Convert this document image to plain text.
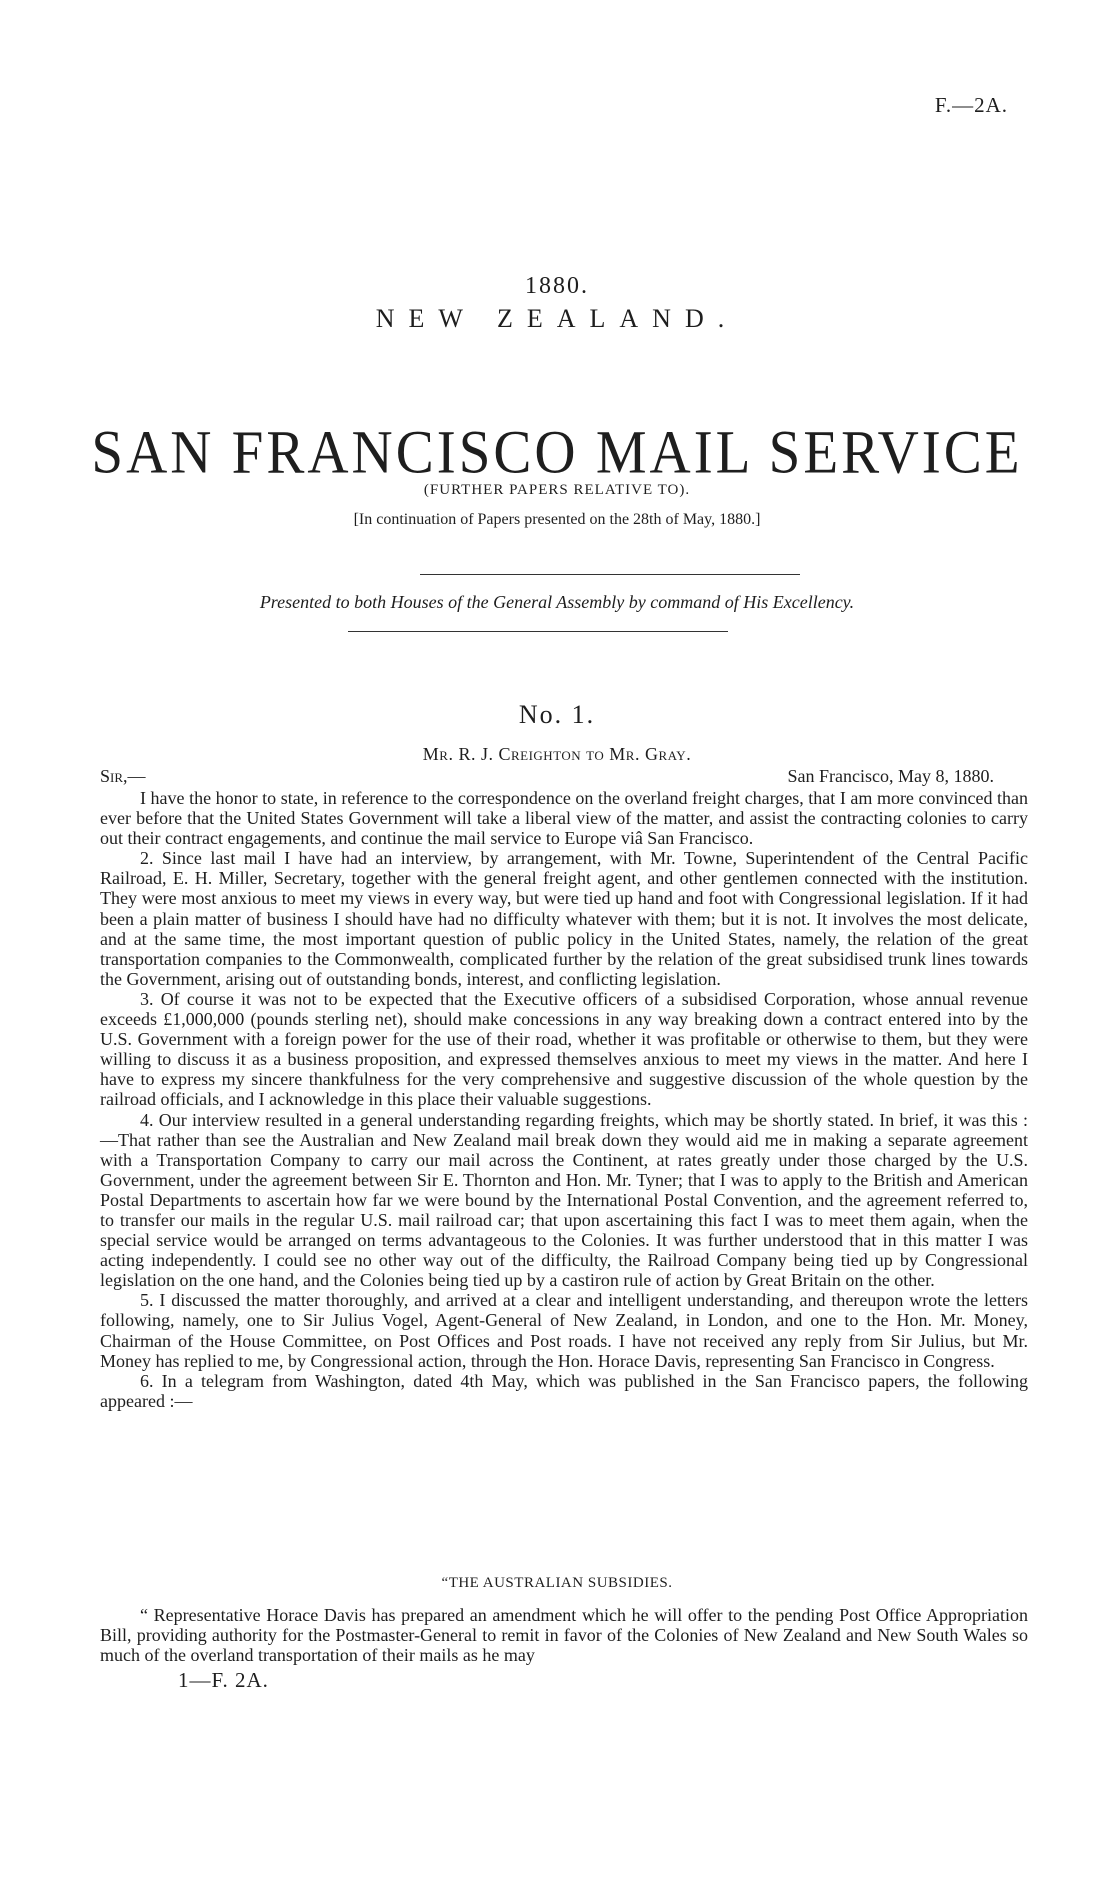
F.—2A.
1880.
NEW ZEALAND.
SAN FRANCISCO MAIL SERVICE
(FURTHER PAPERS RELATIVE TO).
[In continuation of Papers presented on the 28th of May, 1880.]
Presented to both Houses of the General Assembly by command of His Excellency.
No. 1.
Mr. R. J. Creighton to Mr. Gray.
Sir,—	San Francisco, May 8, 1880.

I have the honor to state, in reference to the correspondence on the overland freight charges, that I am more convinced than ever before that the United States Government will take a liberal view of the matter, and assist the contracting colonies to carry out their contract engagements, and continue the mail service to Europe viâ San Francisco.

2. Since last mail I have had an interview, by arrangement, with Mr. Towne, Superintendent of the Central Pacific Railroad, E. H. Miller, Secretary, together with the general freight agent, and other gentlemen connected with the institution. They were most anxious to meet my views in every way, but were tied up hand and foot with Congressional legislation. If it had been a plain matter of business I should have had no difficulty whatever with them; but it is not. It involves the most delicate, and at the same time, the most important question of public policy in the United States, namely, the relation of the great transportation companies to the Commonwealth, complicated further by the relation of the great subsidised trunk lines towards the Government, arising out of outstanding bonds, interest, and conflicting legislation.

3. Of course it was not to be expected that the Executive officers of a subsidised Corporation, whose annual revenue exceeds £1,000,000 (pounds sterling net), should make concessions in any way breaking down a contract entered into by the U.S. Government with a foreign power for the use of their road, whether it was profitable or otherwise to them, but they were willing to discuss it as a business proposition, and expressed themselves anxious to meet my views in the matter. And here I have to express my sincere thankfulness for the very comprehensive and suggestive discussion of the whole question by the railroad officials, and I acknowledge in this place their valuable suggestions.

4. Our interview resulted in a general understanding regarding freights, which may be shortly stated. In brief, it was this :—That rather than see the Australian and New Zealand mail break down they would aid me in making a separate agreement with a Transportation Company to carry our mail across the Continent, at rates greatly under those charged by the U.S. Government, under the agreement between Sir E. Thornton and Hon. Mr. Tyner; that I was to apply to the British and American Postal Departments to ascertain how far we were bound by the International Postal Convention, and the agreement referred to, to transfer our mails in the regular U.S. mail railroad car; that upon ascertaining this fact I was to meet them again, when the special service would be arranged on terms advantageous to the Colonies. It was further understood that in this matter I was acting independently. I could see no other way out of the difficulty, the Railroad Company being tied up by Congressional legislation on the one hand, and the Colonies being tied up by a castiron rule of action by Great Britain on the other.

5. I discussed the matter thoroughly, and arrived at a clear and intelligent understanding, and thereupon wrote the letters following, namely, one to Sir Julius Vogel, Agent-General of New Zealand, in London, and one to the Hon. Mr. Money, Chairman of the House Committee, on Post Offices and Post roads. I have not received any reply from Sir Julius, but Mr. Money has replied to me, by Congressional action, through the Hon. Horace Davis, representing San Francisco in Congress.

6. In a telegram from Washington, dated 4th May, which was published in the San Francisco papers, the following appeared :—

“THE AUSTRALIAN SUBSIDIES.

“ Representative Horace Davis has prepared an amendment which he will offer to the pending Post Office Appropriation Bill, providing authority for the Postmaster-General to remit in favor of the Colonies of New Zealand and New South Wales so much of the overland transportation of their mails as he may

1—F. 2A.
